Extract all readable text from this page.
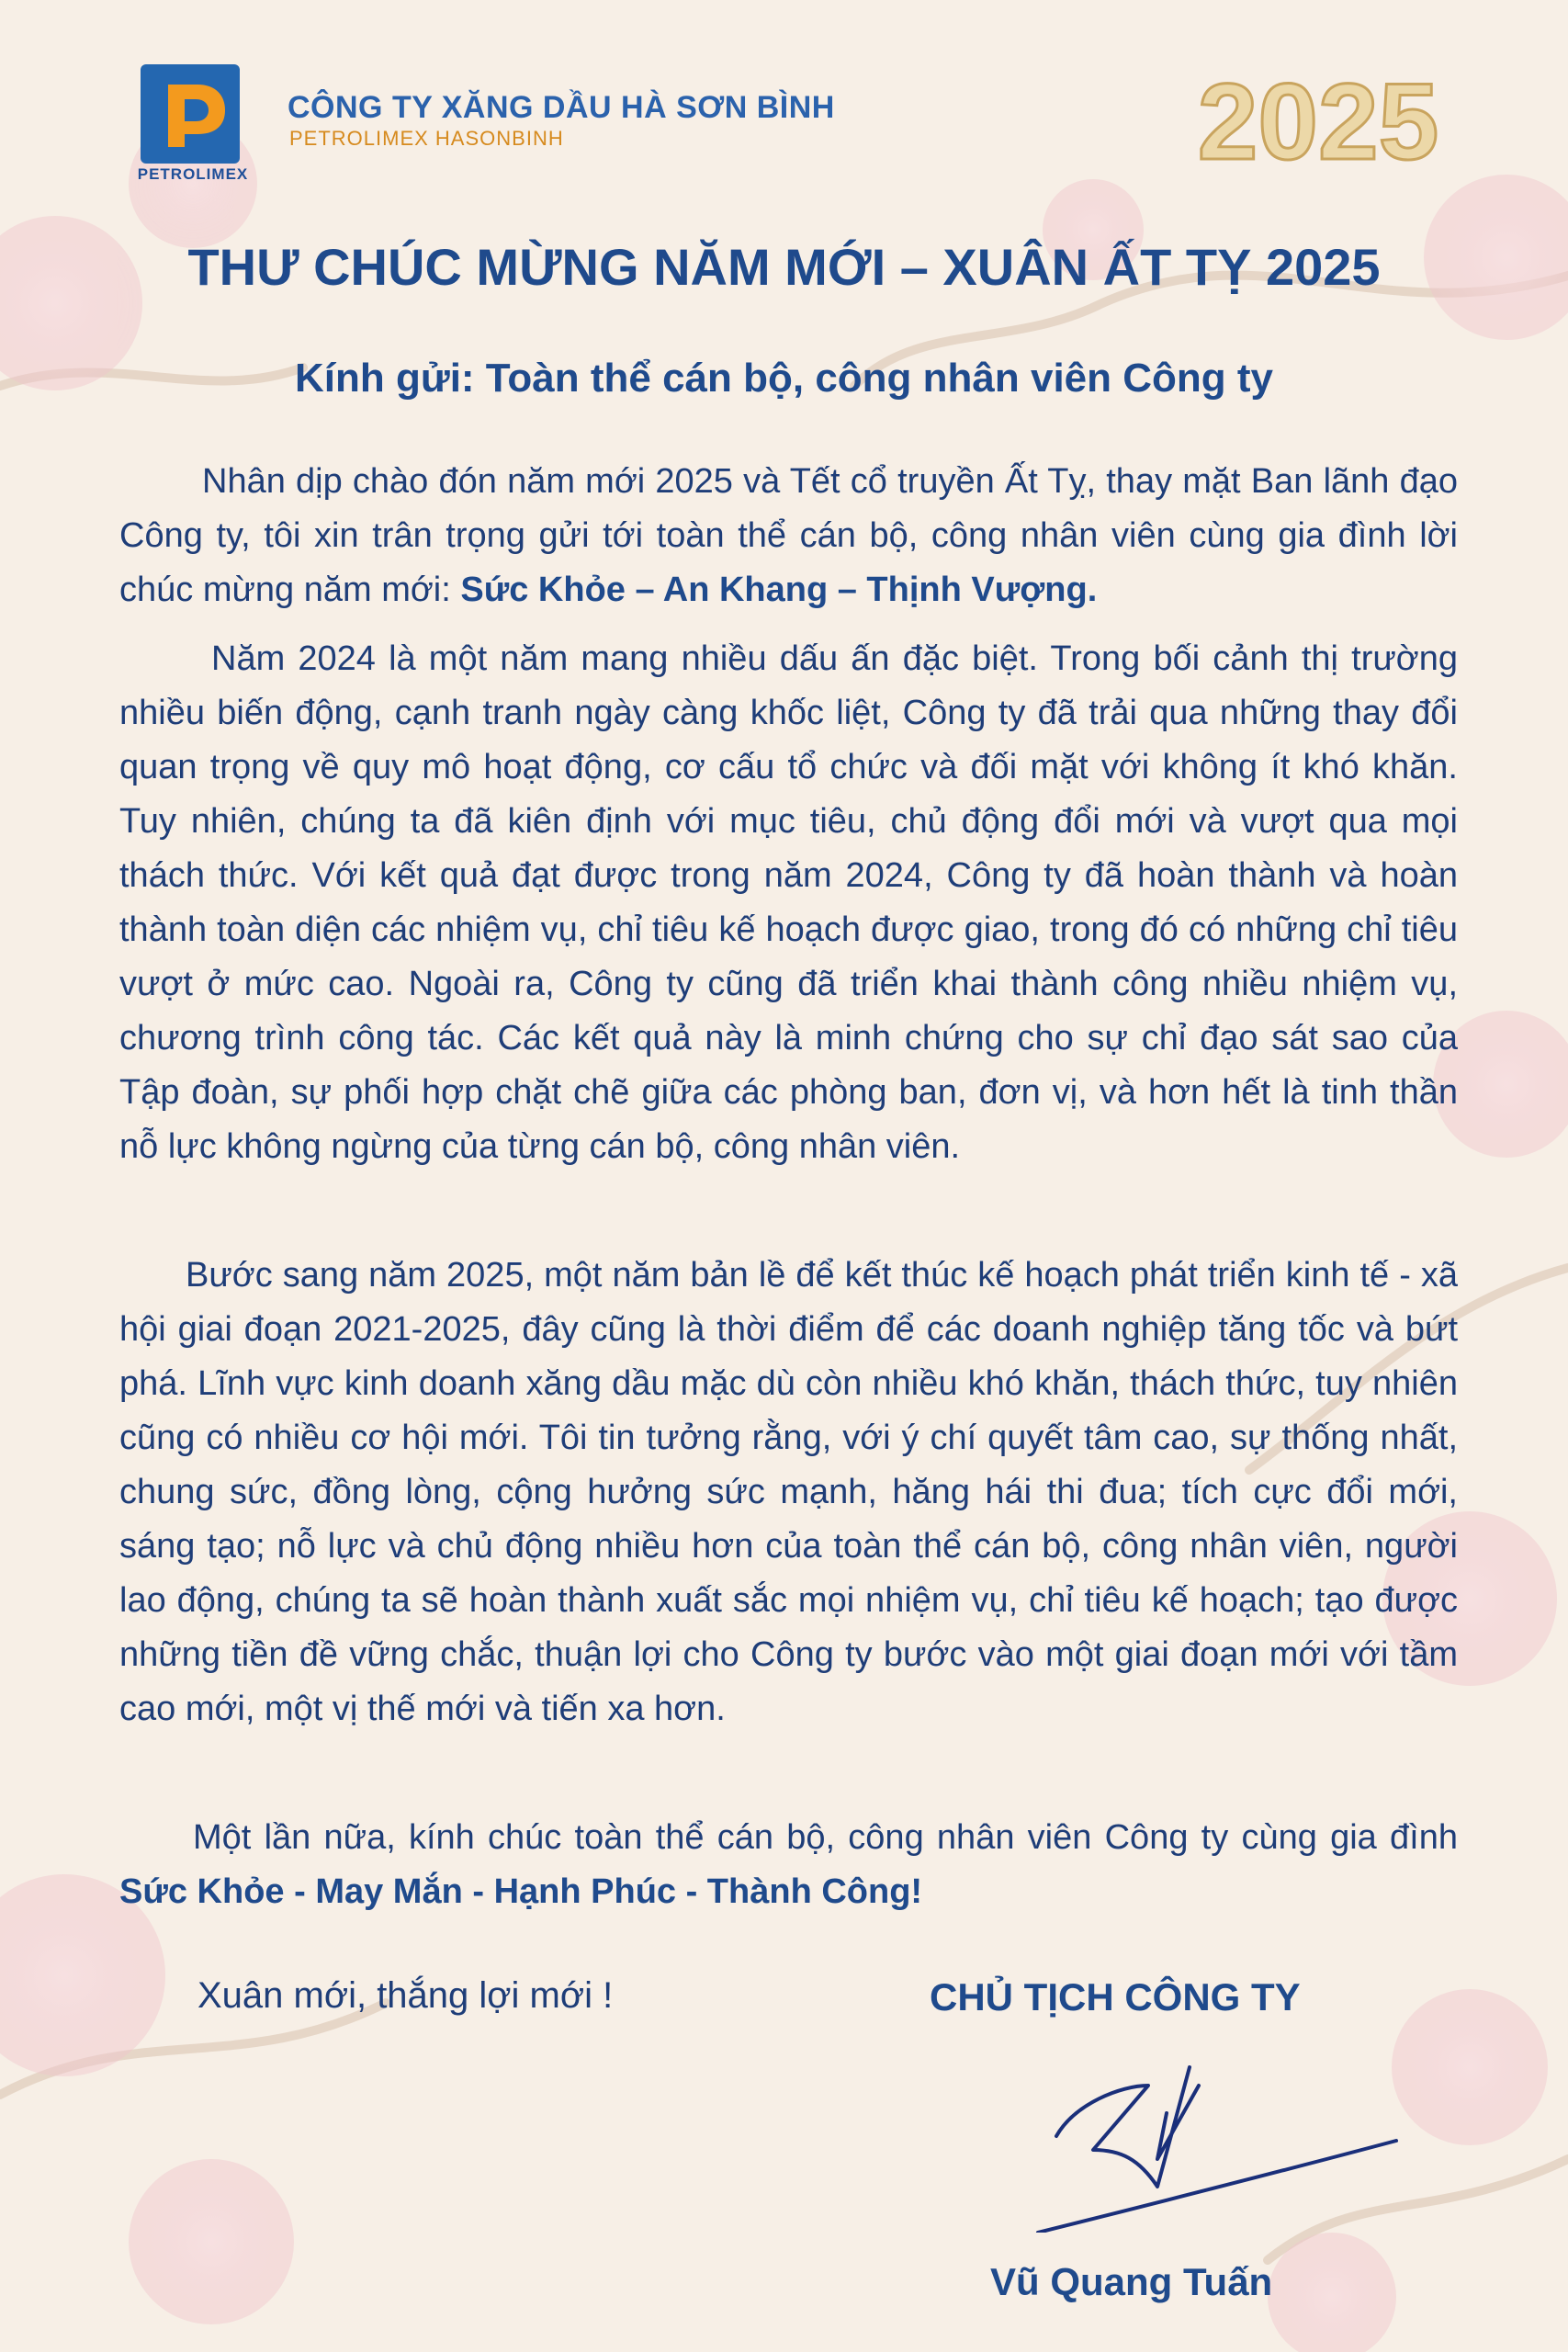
PETROLIMEX
CÔNG TY XĂNG DẦU HÀ SƠN BÌNH
PETROLIMEX HASONBINH	2025
THƯ CHÚC MỪNG NĂM MỚI – XUÂN ẤT TỴ 2025
Kính gửi: Toàn thể cán bộ, công nhân viên Công ty

Nhân dịp chào đón năm mới 2025 và Tết cổ truyền Ất Tỵ, thay mặt Ban lãnh đạo Công ty, tôi xin trân trọng gửi tới toàn thể cán bộ, công nhân viên cùng gia đình lời chúc mừng năm mới: Sức Khỏe – An Khang – Thịnh Vượng.

Năm 2024 là một năm mang nhiều dấu ấn đặc biệt. Trong bối cảnh thị trường nhiều biến động, cạnh tranh ngày càng khốc liệt, Công ty đã trải qua những thay đổi quan trọng về quy mô hoạt động, cơ cấu tổ chức và đối mặt với không ít khó khăn. Tuy nhiên, chúng ta đã kiên định với mục tiêu, chủ động đổi mới và vượt qua mọi thách thức. Với kết quả đạt được trong năm 2024, Công ty đã hoàn thành và hoàn thành toàn diện các nhiệm vụ, chỉ tiêu kế hoạch được giao, trong đó có những chỉ tiêu vượt ở mức cao. Ngoài ra, Công ty cũng đã triển khai thành công nhiều nhiệm vụ, chương trình công tác. Các kết quả này là minh chứng cho sự chỉ đạo sát sao của Tập đoàn, sự phối hợp chặt chẽ giữa các phòng ban, đơn vị, và hơn hết là tinh thần nỗ lực không ngừng của từng cán bộ, công nhân viên.

Bước sang năm 2025, một năm bản lề để kết thúc kế hoạch phát triển kinh tế - xã hội giai đoạn 2021-2025, đây cũng là thời điểm để các doanh nghiệp tăng tốc và bứt phá. Lĩnh vực kinh doanh xăng dầu mặc dù còn nhiều khó khăn, thách thức, tuy nhiên cũng có nhiều cơ hội mới. Tôi tin tưởng rằng, với ý chí quyết tâm cao, sự thống nhất, chung sức, đồng lòng, cộng hưởng sức mạnh, hăng hái thi đua; tích cực đổi mới, sáng tạo; nỗ lực và chủ động nhiều hơn của toàn thể cán bộ, công nhân viên, người lao động, chúng ta sẽ hoàn thành xuất sắc mọi nhiệm vụ, chỉ tiêu kế hoạch; tạo được những tiền đề vững chắc, thuận lợi cho Công ty bước vào một giai đoạn mới với tầm cao mới, một vị thế mới và tiến xa hơn.

Một lần nữa, kính chúc toàn thể cán bộ, công nhân viên Công ty cùng gia đình Sức Khỏe - May Mắn - Hạnh Phúc - Thành Công!

Xuân mới, thắng lợi mới !	CHỦ TỊCH CÔNG TY
Vũ Quang Tuấn
